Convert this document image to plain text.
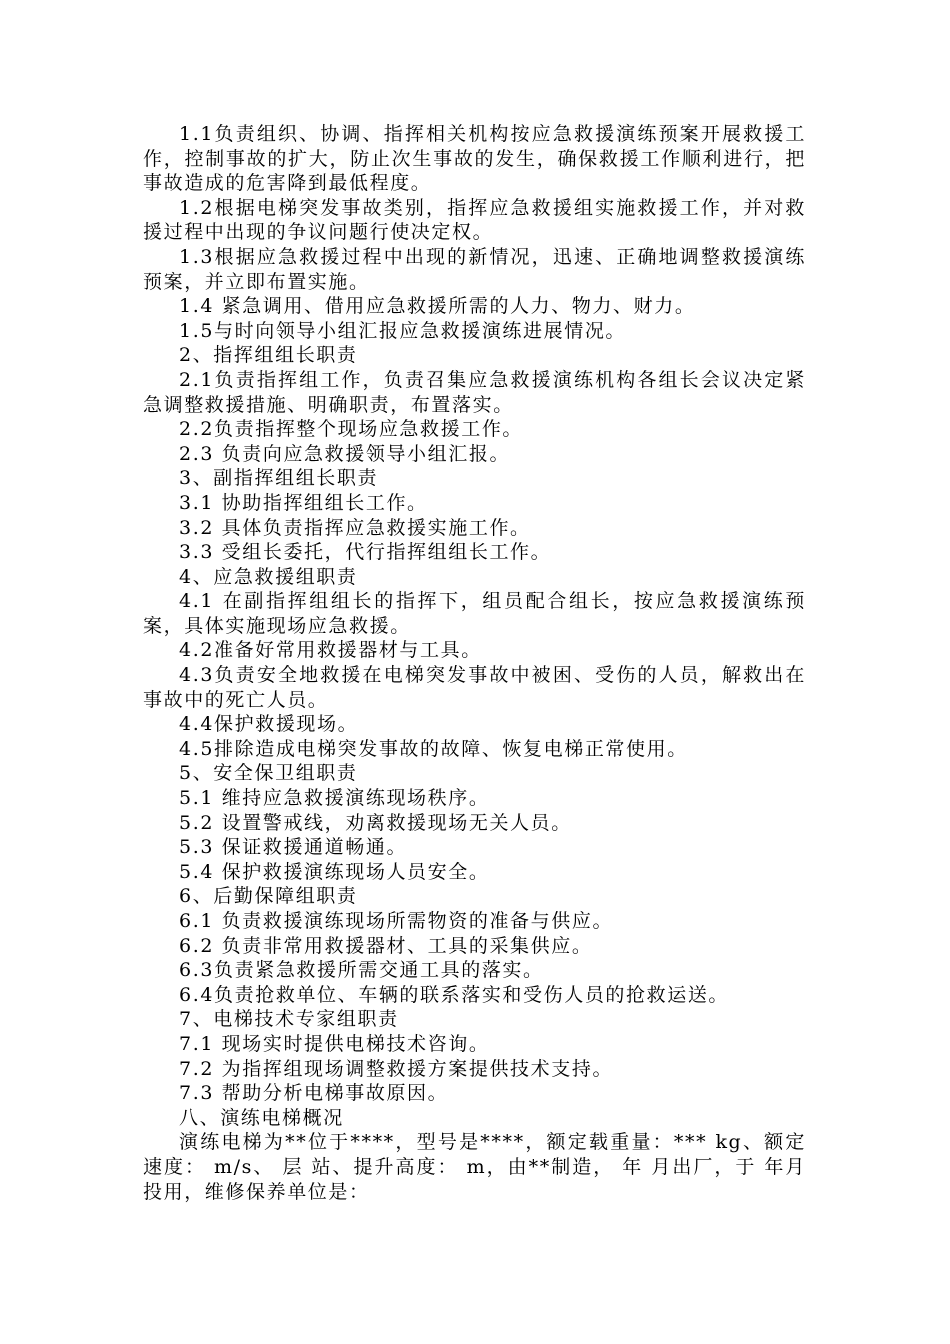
1.1负责组织、协调、指挥相关机构按应急救援演练预案开展救援工作，控制事故的扩大，防止次生事故的发生，确保救援工作顺利进行，把事故造成的危害降到最低程度。

1.2根据电梯突发事故类别，指挥应急救援组实施救援工作，并对救援过程中出现的争议问题行使决定权。

1.3根据应急救援过程中出现的新情况，迅速、正确地调整救援演练预案，并立即布置实施。

1.4 紧急调用、借用应急救援所需的人力、物力、财力。

1.5与时向领导小组汇报应急救援演练进展情况。

2、指挥组组长职责

2.1负责指挥组工作，负责召集应急救援演练机构各组长会议决定紧急调整救援措施、明确职责，布置落实。

2.2负责指挥整个现场应急救援工作。

2.3 负责向应急救援领导小组汇报。

3、副指挥组组长职责

3.1 协助指挥组组长工作。

3.2 具体负责指挥应急救援实施工作。

3.3 受组长委托，代行指挥组组长工作。

4、应急救援组职责

4.1 在副指挥组组长的指挥下，组员配合组长，按应急救援演练预案，具体实施现场应急救援。

4.2准备好常用救援器材与工具。

4.3负责安全地救援在电梯突发事故中被困、受伤的人员，解救出在事故中的死亡人员。

4.4保护救援现场。

4.5排除造成电梯突发事故的故障、恢复电梯正常使用。

5、安全保卫组职责

5.1 维持应急救援演练现场秩序。

5.2 设置警戒线，劝离救援现场无关人员。

5.3 保证救援通道畅通。

5.4 保护救援演练现场人员安全。

6、后勤保障组职责

6.1 负责救援演练现场所需物资的准备与供应。

6.2 负责非常用救援器材、工具的采集供应。

6.3负责紧急救援所需交通工具的落实。

6.4负责抢救单位、车辆的联系落实和受伤人员的抢救运送。

7、电梯技术专家组职责

7.1 现场实时提供电梯技术咨询。

7.2 为指挥组现场调整救援方案提供技术支持。

7.3 帮助分析电梯事故原因。

八、演练电梯概况

演练电梯为**位于****，型号是****，额定载重量：*** kg、额定速度： m/s、 层 站、提升高度： m，由**制造， 年 月出厂，于 年月投用，维修保养单位是：
